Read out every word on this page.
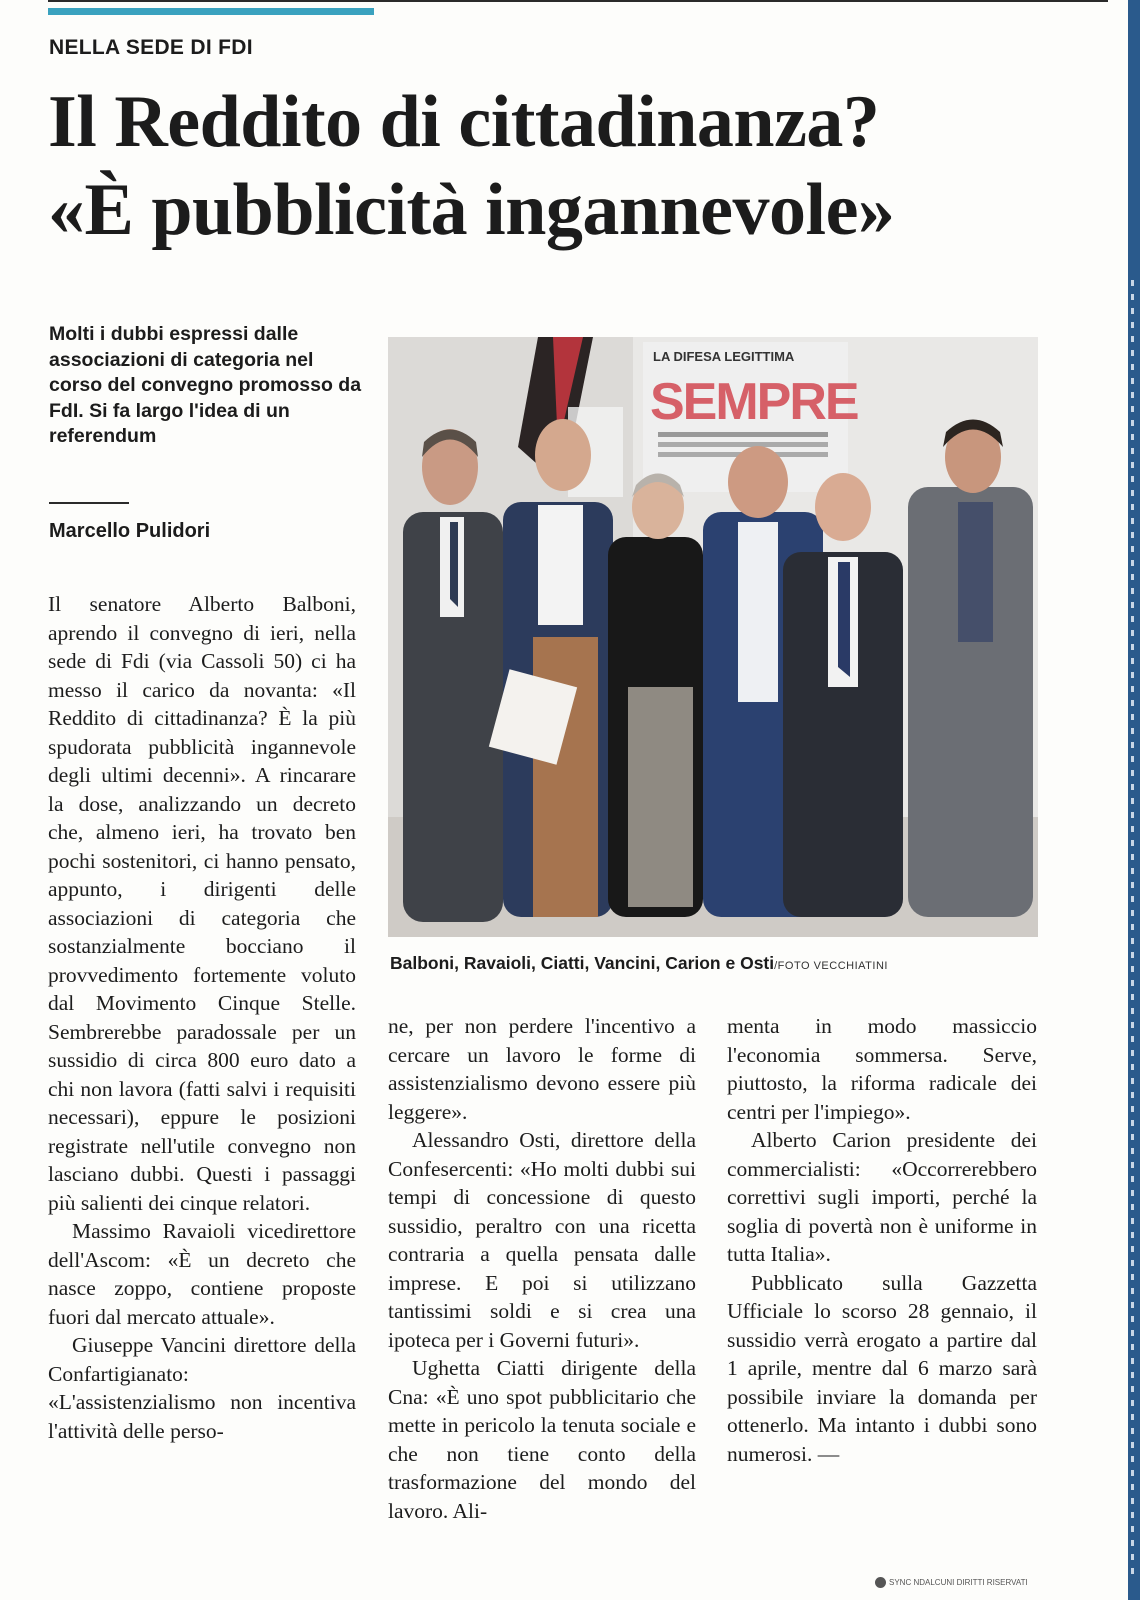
NELLA SEDE DI FDI
Il Reddito di cittadinanza?
«È pubblicità ingannevole»
Molti i dubbi espressi dalle associazioni di categoria nel corso del convegno promosso da FdI. Si fa largo l'idea di un referendum
Marcello Pulidori
LA DIFESA LEGITTIMA
SEMPRE
Balboni, Ravaioli, Ciatti, Vancini, Carion e Osti/FOTO VECCHIATINI

Il senatore Alberto Balboni, aprendo il convegno di ieri, nella sede di Fdi (via Cassoli 50) ci ha messo il carico da novanta: «Il Reddito di cittadinanza? È la più spudorata pubblicità ingannevole degli ultimi decenni». A rincarare la dose, analizzando un decreto che, almeno ieri, ha trovato ben pochi sostenitori, ci hanno pensato, appunto, i dirigenti delle associazioni di categoria che sostanzialmente bocciano il provvedimento fortemente voluto dal Movimento Cinque Stelle. Sembrerebbe paradossale per un sussidio di circa 800 euro dato a chi non lavora (fatti salvi i requisiti necessari), eppure le posizioni registrate nell'utile convegno non lasciano dubbi. Questi i passaggi più salienti dei cinque relatori.

Massimo Ravaioli vicedirettore dell'Ascom: «È un decreto che nasce zoppo, contiene proposte fuori dal mercato attuale».

Giuseppe Vancini direttore della Confartigianato: «L'assistenzialismo non incentiva l'attività delle perso-

ne, per non perdere l'incentivo a cercare un lavoro le forme di assistenzialismo devono essere più leggere».

Alessandro Osti, direttore della Confesercenti: «Ho molti dubbi sui tempi di concessione di questo sussidio, peraltro con una ricetta contraria a quella pensata dalle imprese. E poi si utilizzano tantissimi soldi e si crea una ipoteca per i Governi futuri».

Ughetta Ciatti dirigente della Cna: «È uno spot pubblicitario che mette in pericolo la tenuta sociale e che non tiene conto della trasformazione del mondo del lavoro. Ali-

menta in modo massiccio l'economia sommersa. Serve, piuttosto, la riforma radicale dei centri per l'impiego».

Alberto Carion presidente dei commercialisti: «Occorrerebbero correttivi sugli importi, perché la soglia di povertà non è uniforme in tutta Italia».

Pubblicato sulla Gazzetta Ufficiale lo scorso 28 gennaio, il sussidio verrà erogato a partire dal 1 aprile, mentre dal 6 marzo sarà possibile inviare la domanda per ottenerlo. Ma intanto i dubbi sono numerosi. —

SYNC NDALCUNI DIRITTI RISERVATI
